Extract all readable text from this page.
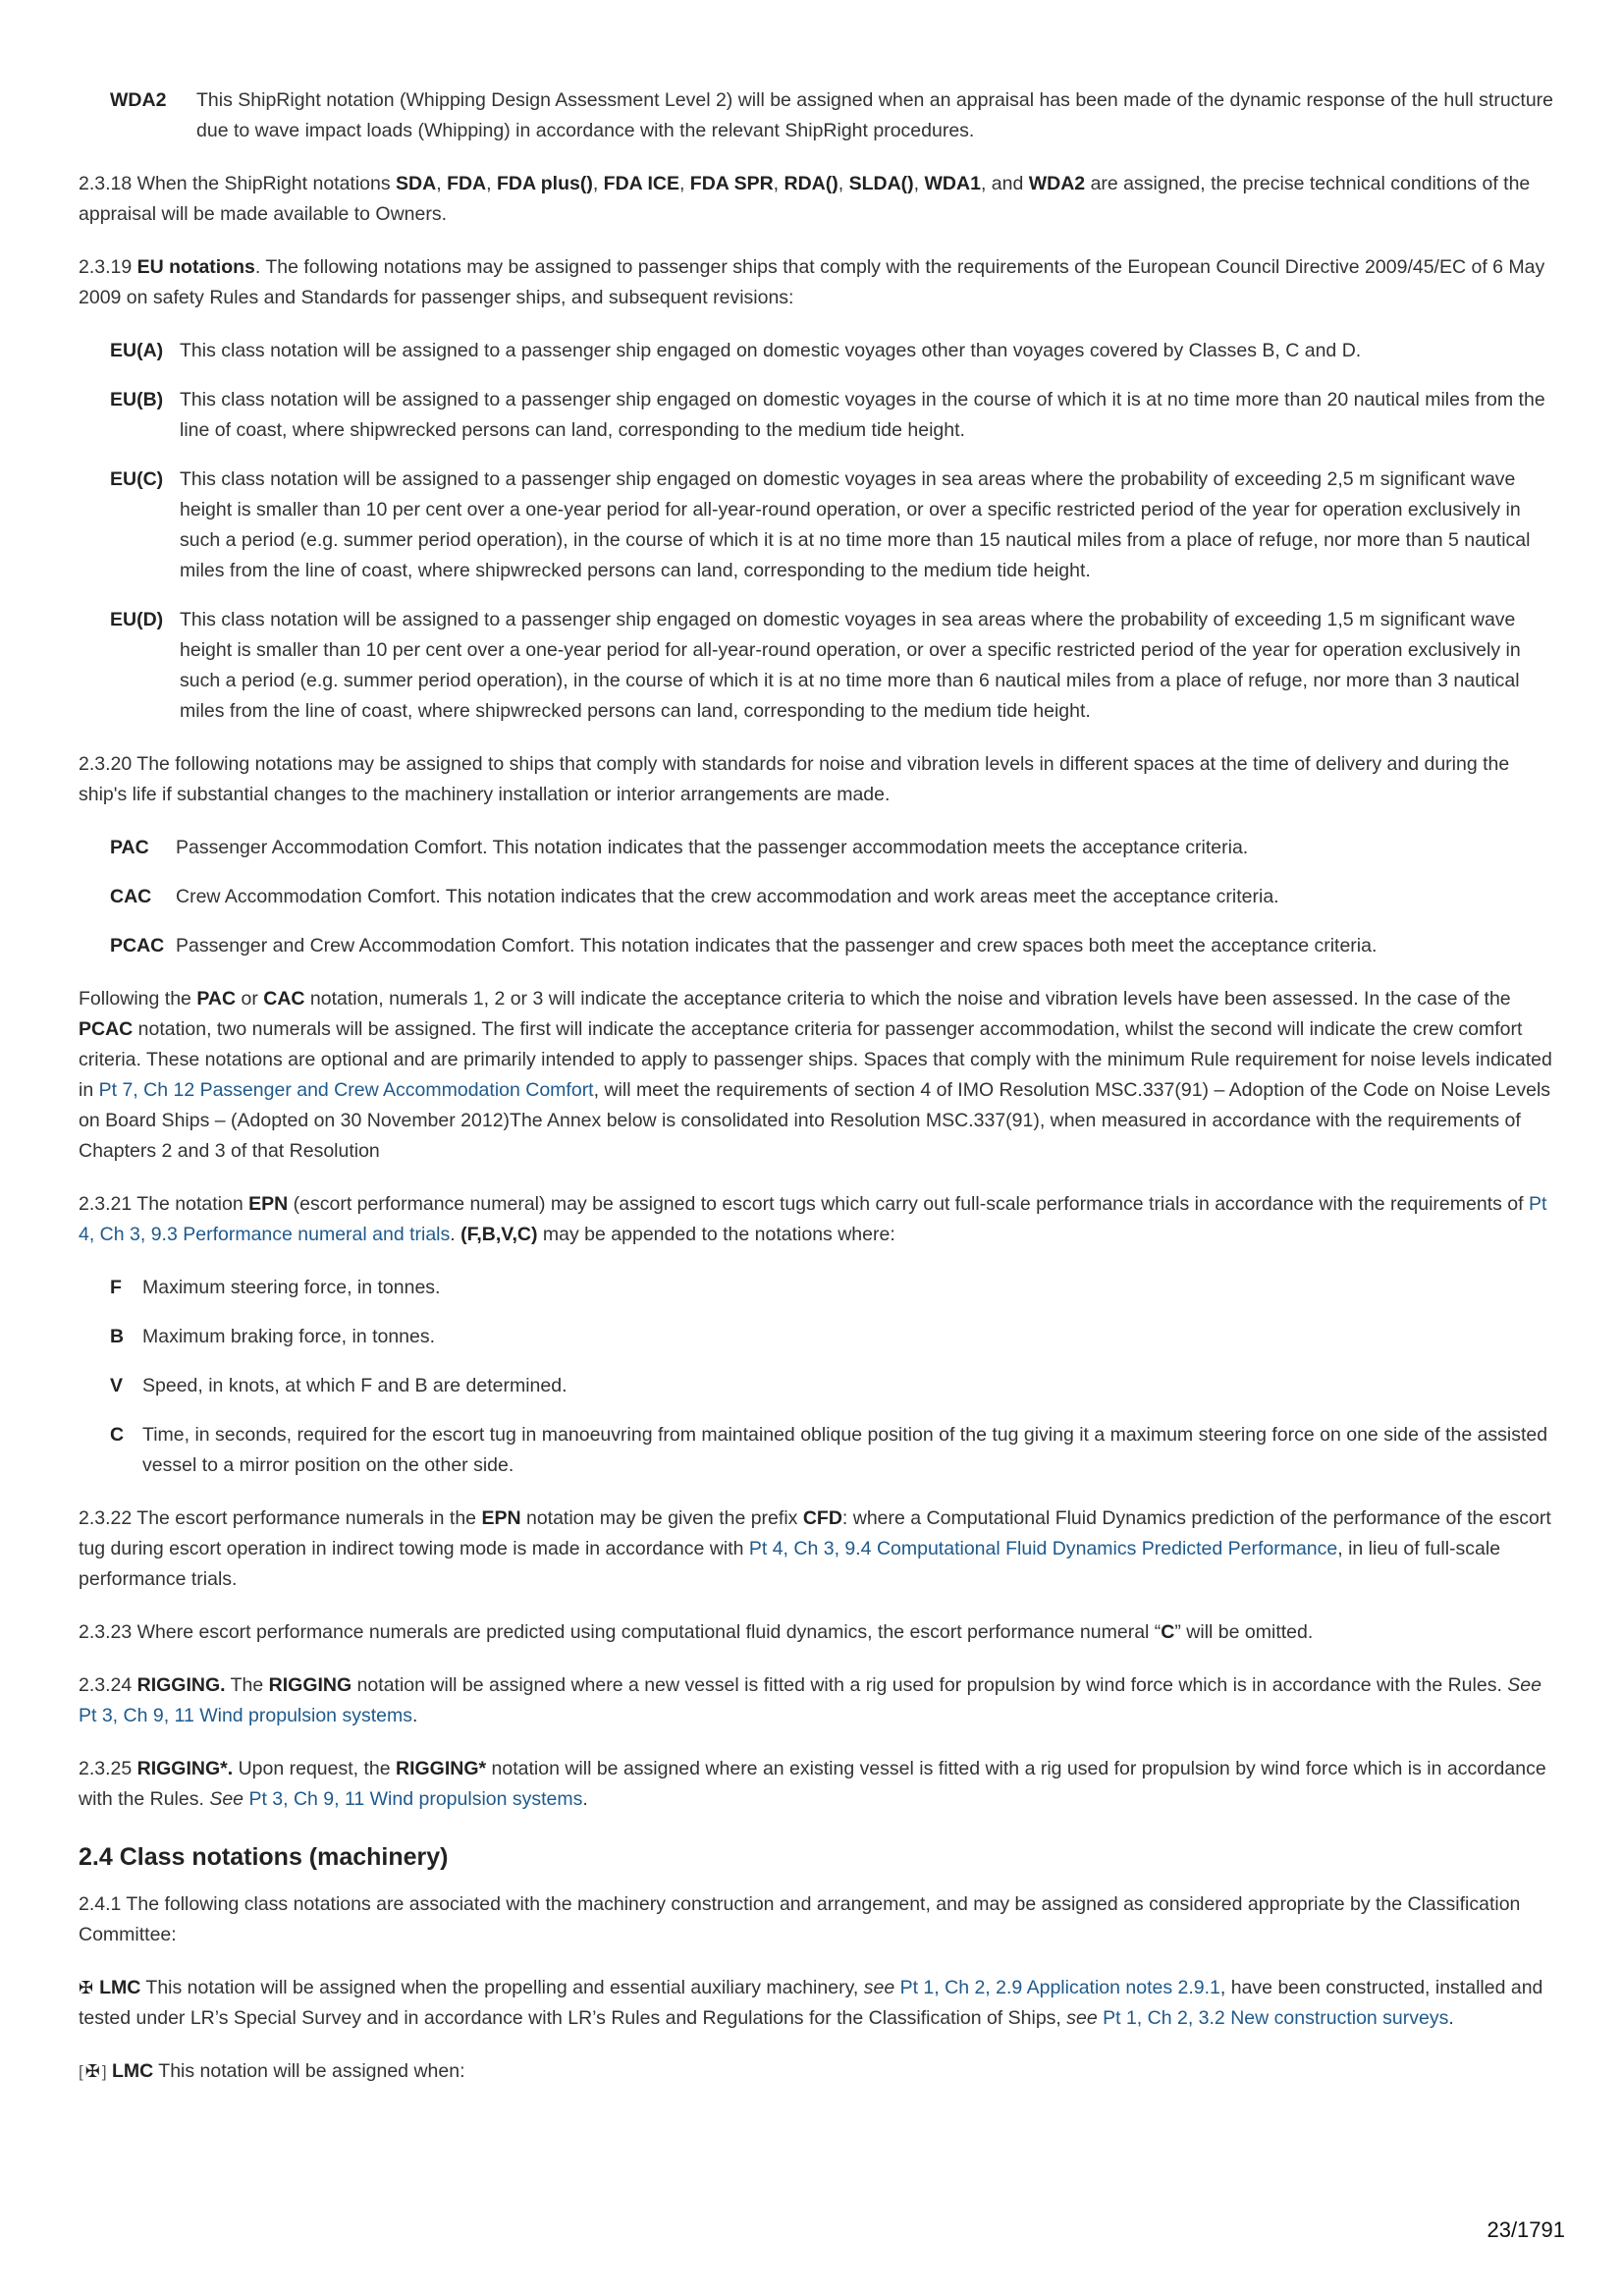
WDA2	This ShipRight notation (Whipping Design Assessment Level 2) will be assigned when an appraisal has been made of the dynamic response of the hull structure due to wave impact loads (Whipping) in accordance with the relevant ShipRight procedures.

2.3.18 When the ShipRight notations SDA, FDA, FDA plus(), FDA ICE, FDA SPR, RDA(), SLDA(), WDA1, and WDA2 are assigned, the precise technical conditions of the appraisal will be made available to Owners.

2.3.19 EU notations. The following notations may be assigned to passenger ships that comply with the requirements of the European Council Directive 2009/45/EC of 6 May 2009 on safety Rules and Standards for passenger ships, and subsequent revisions:

EU(A) This class notation will be assigned to a passenger ship engaged on domestic voyages other than voyages covered by Classes B, C and D.
EU(B) This class notation will be assigned to a passenger ship engaged on domestic voyages in the course of which it is at no time more than 20 nautical miles from the line of coast, where shipwrecked persons can land, corresponding to the medium tide height.
EU(C) This class notation will be assigned to a passenger ship engaged on domestic voyages in sea areas where the probability of exceeding 2,5 m significant wave height is smaller than 10 per cent over a one-year period for all-year-round operation, or over a specific restricted period of the year for operation exclusively in such a period (e.g. summer period operation), in the course of which it is at no time more than 15 nautical miles from a place of refuge, nor more than 5 nautical miles from the line of coast, where shipwrecked persons can land, corresponding to the medium tide height.
EU(D) This class notation will be assigned to a passenger ship engaged on domestic voyages in sea areas where the probability of exceeding 1,5 m significant wave height is smaller than 10 per cent over a one-year period for all-year-round operation, or over a specific restricted period of the year for operation exclusively in such a period (e.g. summer period operation), in the course of which it is at no time more than 6 nautical miles from a place of refuge, nor more than 3 nautical miles from the line of coast, where shipwrecked persons can land, corresponding to the medium tide height.

2.3.20 The following notations may be assigned to ships that comply with standards for noise and vibration levels in different spaces at the time of delivery and during the ship's life if substantial changes to the machinery installation or interior arrangements are made.

PAC	Passenger Accommodation Comfort. This notation indicates that the passenger accommodation meets the acceptance criteria.
CAC	Crew Accommodation Comfort. This notation indicates that the crew accommodation and work areas meet the acceptance criteria.
PCAC Passenger and Crew Accommodation Comfort. This notation indicates that the passenger and crew spaces both meet the acceptance criteria.

Following the PAC or CAC notation, numerals 1, 2 or 3 will indicate the acceptance criteria to which the noise and vibration levels have been assessed. In the case of the PCAC notation, two numerals will be assigned. The first will indicate the acceptance criteria for passenger accommodation, whilst the second will indicate the crew comfort criteria. These notations are optional and are primarily intended to apply to passenger ships. Spaces that comply with the minimum Rule requirement for noise levels indicated in Pt 7, Ch 12 Passenger and Crew Accommodation Comfort, will meet the requirements of section 4 of IMO Resolution MSC.337(91) – Adoption of the Code on Noise Levels on Board Ships – (Adopted on 30 November 2012)The Annex below is consolidated into Resolution MSC.337(91), when measured in accordance with the requirements of Chapters 2 and 3 of that Resolution

2.3.21 The notation EPN (escort performance numeral) may be assigned to escort tugs which carry out full-scale performance trials in accordance with the requirements of Pt 4, Ch 3, 9.3 Performance numeral and trials. (F,B,V,C) may be appended to the notations where:

F	Maximum steering force, in tonnes.
B Maximum braking force, in tonnes.
V	Speed, in knots, at which F and B are determined.
C Time, in seconds, required for the escort tug in manoeuvring from maintained oblique position of the tug giving it a maximum steering force on one side of the assisted vessel to a mirror position on the other side.

2.3.22 The escort performance numerals in the EPN notation may be given the prefix CFD: where a Computational Fluid Dynamics prediction of the performance of the escort tug during escort operation in indirect towing mode is made in accordance with Pt 4, Ch 3, 9.4 Computational Fluid Dynamics Predicted Performance, in lieu of full-scale performance trials.

2.3.23 Where escort performance numerals are predicted using computational fluid dynamics, the escort performance numeral “C” will be omitted.

2.3.24 RIGGING. The RIGGING notation will be assigned where a new vessel is fitted with a rig used for propulsion by wind force which is in accordance with the Rules. See Pt 3, Ch 9, 11 Wind propulsion systems.

2.3.25 RIGGING*. Upon request, the RIGGING* notation will be assigned where an existing vessel is fitted with a rig used for propulsion by wind force which is in accordance with the Rules. See Pt 3, Ch 9, 11 Wind propulsion systems.

2.4 Class notations (machinery)

2.4.1 The following class notations are associated with the machinery construction and arrangement, and may be assigned as considered appropriate by the Classification Committee:

✠ LMC This notation will be assigned when the propelling and essential auxiliary machinery, see Pt 1, Ch 2, 2.9 Application notes 2.9.1, have been constructed, installed and tested under LR’s Special Survey and in accordance with LR’s Rules and Regulations for the Classification of Ships, see Pt 1, Ch 2, 3.2 New construction surveys.

[ ✠ ] LMC This notation will be assigned when:

23/1791
